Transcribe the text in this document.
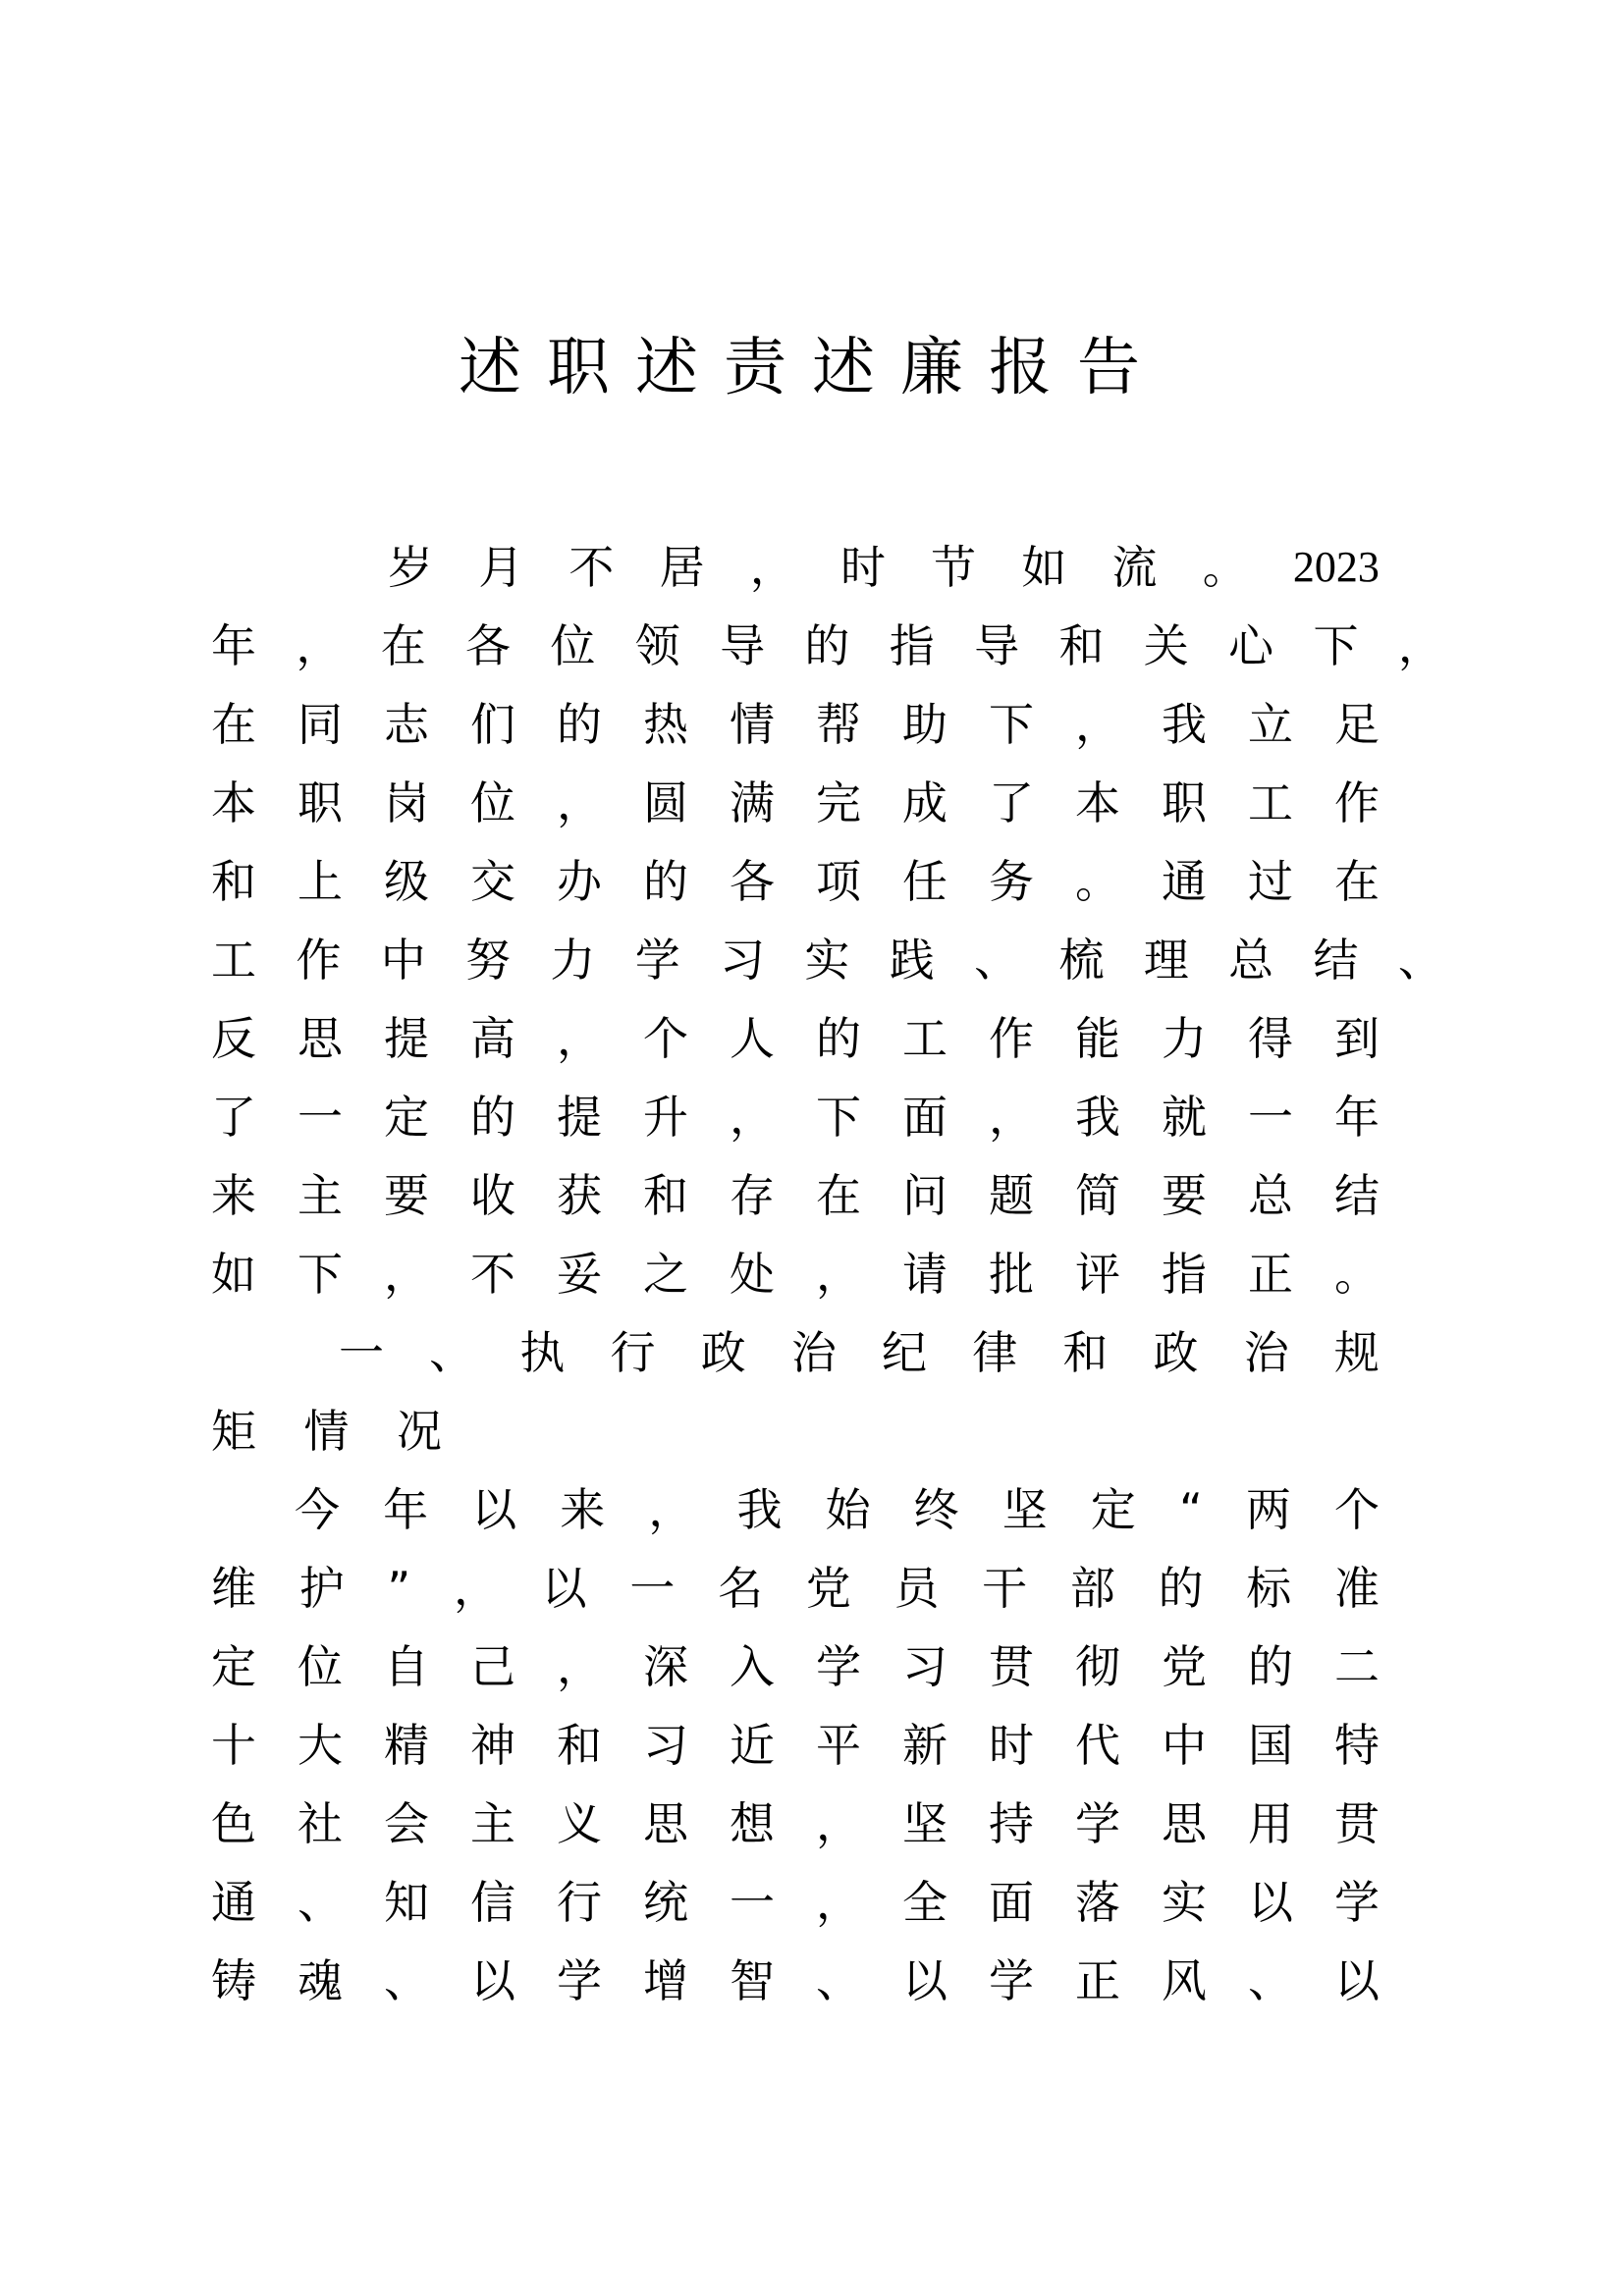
述职述责述廉报告
岁 月 不 居 ， 时 节 如 流 。 2023
年 ， 在 各 位 领 导 的 指 导 和 关 心 下 ，
在 同 志 们 的 热 情 帮 助 下 ， 我 立 足
本 职 岗 位 ， 圆 满 完 成 了 本 职 工 作
和 上 级 交 办 的 各 项 任 务 。 通 过 在
工 作 中 努 力 学 习 实 践 、 梳 理 总 结 、
反 思 提 高 ， 个 人 的 工 作 能 力 得 到
了 一 定 的 提 升 ， 下 面 ， 我 就 一 年
来 主 要 收 获 和 存 在 问 题 简 要 总 结
如 下 ， 不 妥 之 处 ， 请 批 评 指 正 。
一 、 执 行 政 治 纪 律 和 政 治 规
矩 情 况
今 年 以 来 ， 我 始 终 坚 定 “ 两 个
维 护 ” ， 以 一 名 党 员 干 部 的 标 准
定 位 自 己 ， 深 入 学 习 贯 彻 党 的 二
十 大 精 神 和 习 近 平 新 时 代 中 国 特
色 社 会 主 义 思 想 ， 坚 持 学 思 用 贯
通 、 知 信 行 统 一 ， 全 面 落 实 以 学
铸 魂 、 以 学 增 智 、 以 学 正 风 、 以
